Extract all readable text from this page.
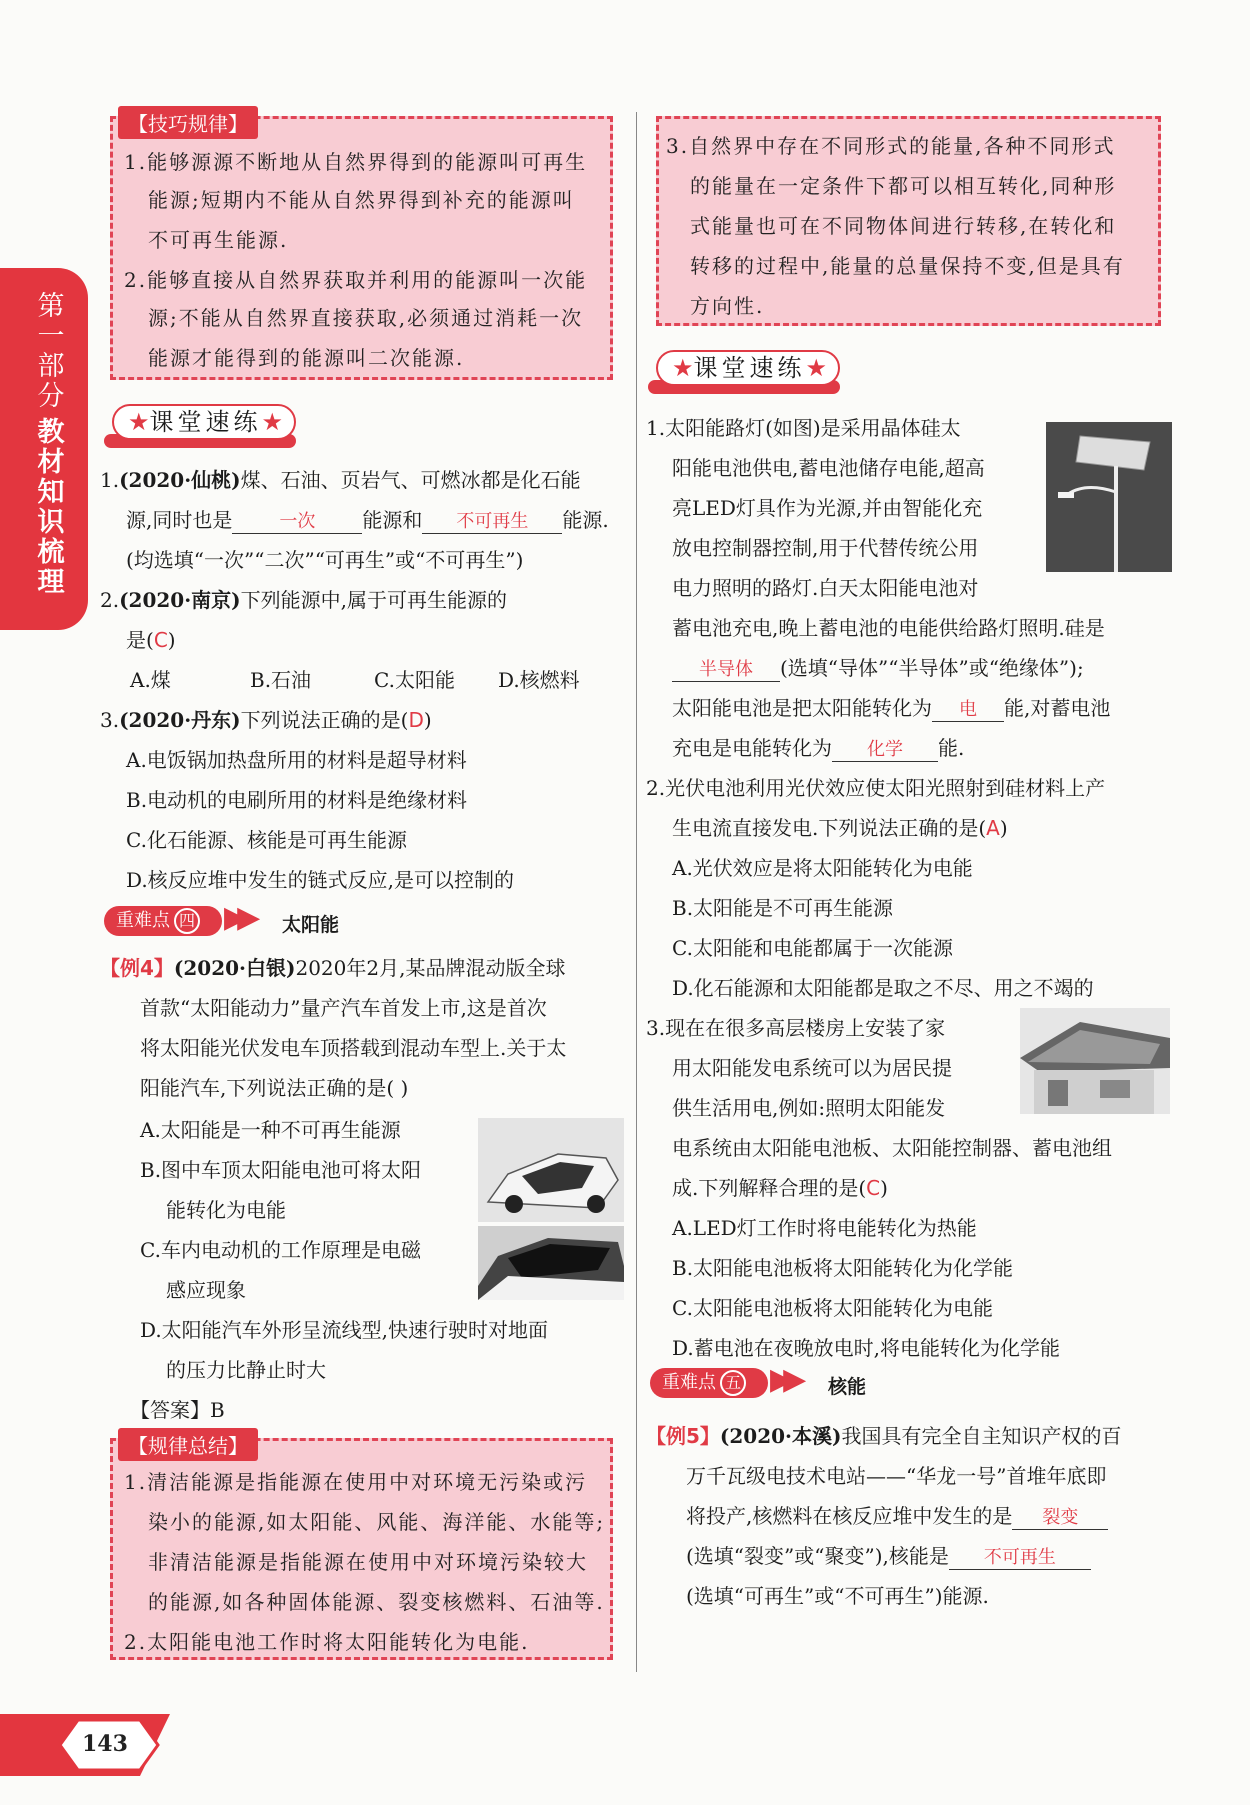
第一部分
教材知识梳理
【技巧规律】
1.能够源源不断地从自然界得到的能源叫可再生
能源;短期内不能从自然界得到补充的能源叫
不可再生能源.
2.能够直接从自然界获取并利用的能源叫一次能
源;不能从自然界直接获取,必须通过消耗一次
能源才能得到的能源叫二次能源.
★课堂速练★
1.(2020·仙桃)煤、石油、页岩气、可燃冰都是化石能
源,同时也是	一次 能源和 不可再生 能源.
(均选填“一次”“二次”“可再生”或“不可再生”)
2.(2020·南京)下列能源中,属于可再生能源的
是(C)
A.煤	B.石油	C.太阳能 D.核燃料
3.(2020·丹东)下列说法正确的是(D)
A.电饭锅加热盘所用的材料是超导材料
B.电动机的电刷所用的材料是绝缘材料
C.化石能源、核能是可再生能源
D.核反应堆中发生的链式反应,是可以控制的
重难点 四 ▶▶ 太阳能
【例4】(2020·白银)2020年2月,某品牌混动版全球
首款“太阳能动力”量产汽车首发上市,这是首次
将太阳能光伏发电车顶搭载到混动车型上.关于太
阳能汽车,下列说法正确的是( )
A.太阳能是一种不可再生能源
B.图中车顶太阳能电池可将太阳
能转化为电能
C.车内电动机的工作原理是电磁
感应现象
D.太阳能汽车外形呈流线型,快速行驶时对地面
的压力比静止时大
【答案】B
【规律总结】
1.清洁能源是指能源在使用中对环境无污染或污
染小的能源,如太阳能、风能、海洋能、水能等;
非清洁能源是指能源在使用中对环境污染较大
的能源,如各种固体能源、裂变核燃料、石油等.
2.太阳能电池工作时将太阳能转化为电能.
3.自然界中存在不同形式的能量,各种不同形式
的能量在一定条件下都可以相互转化,同种形
式能量也可在不同物体间进行转移,在转化和
转移的过程中,能量的总量保持不变,但是具有
方向性.
★课堂速练★
1.太阳能路灯(如图)是采用晶体硅太
阳能电池供电,蓄电池储存电能,超高
亮LED灯具作为光源,并由智能化充
放电控制器控制,用于代替传统公用
电力照明的路灯.白天太阳能电池对
蓄电池充电,晚上蓄电池的电能供给路灯照明.硅是
半导体 (选填“导体”“半导体”或“绝缘体”);
太阳能电池是把太阳能转化为 电 能,对蓄电池
充电是电能转化为 化学 能.
2.光伏电池利用光伏效应使太阳光照射到硅材料上产
生电流直接发电.下列说法正确的是(A)
A.光伏效应是将太阳能转化为电能
B.太阳能是不可再生能源
C.太阳能和电能都属于一次能源
D.化石能源和太阳能都是取之不尽、用之不竭的
3.现在在很多高层楼房上安装了家
用太阳能发电系统可以为居民提
供生活用电,例如:照明太阳能发
电系统由太阳能电池板、太阳能控制器、蓄电池组
成.下列解释合理的是(C)
A.LED灯工作时将电能转化为热能
B.太阳能电池板将太阳能转化为化学能
C.太阳能电池板将太阳能转化为电能
D.蓄电池在夜晚放电时,将电能转化为化学能
重难点 五 ▶▶ 核能
【例5】(2020·本溪)我国具有完全自主知识产权的百
万千瓦级电技术电站——“华龙一号”首堆年底即
将投产,核燃料在核反应堆中发生的是 裂变
(选填“裂变”或“聚变”),核能是 不可再生
(选填“可再生”或“不可再生”)能源.
143
